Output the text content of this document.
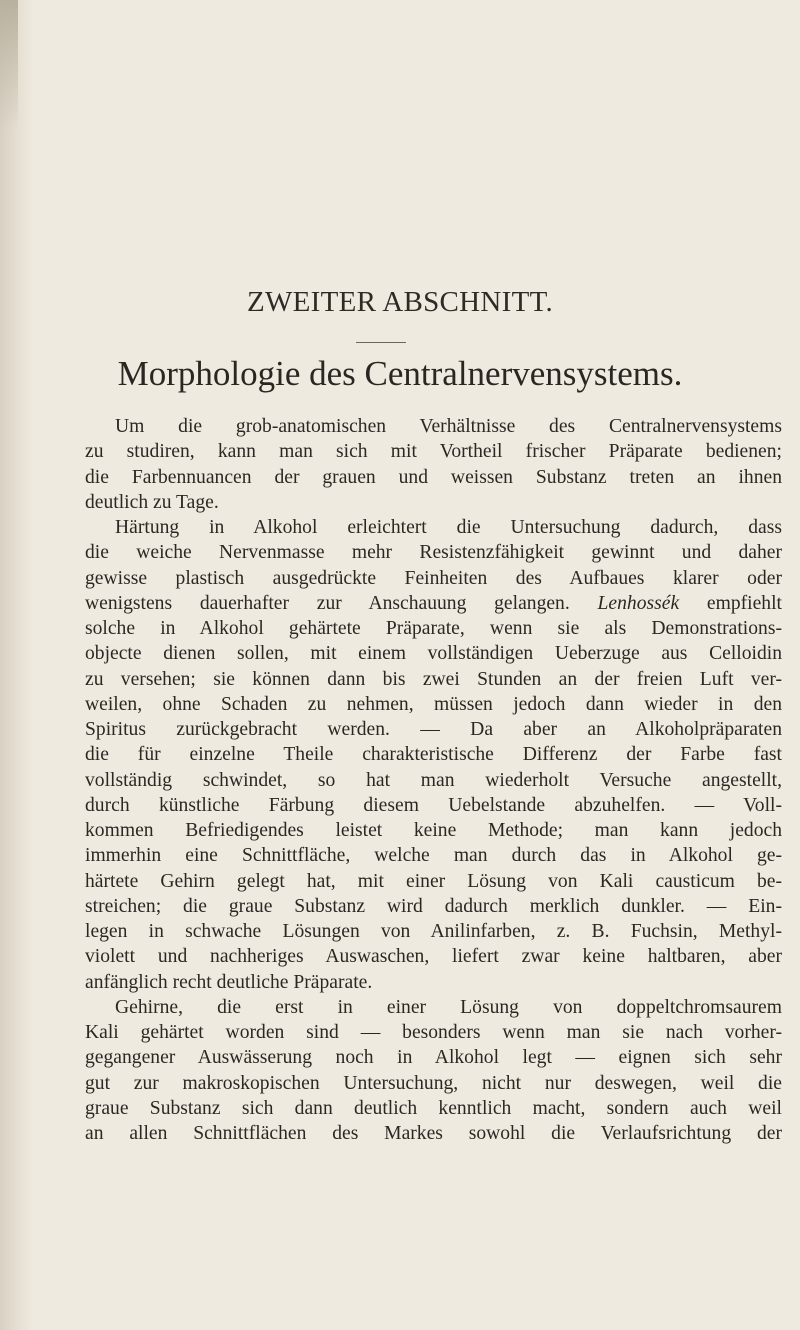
ZWEITER ABSCHNITT.
Morphologie des Centralnervensystems.
Um die grob-anatomischen Verhältnisse des Centralnervensystems
zu studiren, kann man sich mit Vortheil frischer Präparate bedienen;
die Farbennuancen der grauen und weissen Substanz treten an ihnen
deutlich zu Tage.
Härtung in Alkohol erleichtert die Untersuchung dadurch, dass
die weiche Nervenmasse mehr Resistenzfähigkeit gewinnt und daher
gewisse plastisch ausgedrückte Feinheiten des Aufbaues klarer oder
wenigstens dauerhafter zur Anschauung gelangen. Lenhossék empfiehlt
solche in Alkohol gehärtete Präparate, wenn sie als Demonstrations-
objecte dienen sollen, mit einem vollständigen Ueberzuge aus Celloidin
zu versehen; sie können dann bis zwei Stunden an der freien Luft ver-
weilen, ohne Schaden zu nehmen, müssen jedoch dann wieder in den
Spiritus zurückgebracht werden. — Da aber an Alkoholpräparaten
die für einzelne Theile charakteristische Differenz der Farbe fast
vollständig schwindet, so hat man wiederholt Versuche angestellt,
durch künstliche Färbung diesem Uebelstande abzuhelfen. — Voll-
kommen Befriedigendes leistet keine Methode; man kann jedoch
immerhin eine Schnittfläche, welche man durch das in Alkohol ge-
härtete Gehirn gelegt hat, mit einer Lösung von Kali causticum be-
streichen; die graue Substanz wird dadurch merklich dunkler. — Ein-
legen in schwache Lösungen von Anilinfarben, z. B. Fuchsin, Methyl-
violett und nachheriges Auswaschen, liefert zwar keine haltbaren, aber
anfänglich recht deutliche Präparate.
Gehirne, die erst in einer Lösung von doppeltchromsaurem
Kali gehärtet worden sind — besonders wenn man sie nach vorher-
gegangener Auswässerung noch in Alkohol legt — eignen sich sehr
gut zur makroskopischen Untersuchung, nicht nur deswegen, weil die
graue Substanz sich dann deutlich kenntlich macht, sondern auch weil
an allen Schnittflächen des Markes sowohl die Verlaufsrichtung der
